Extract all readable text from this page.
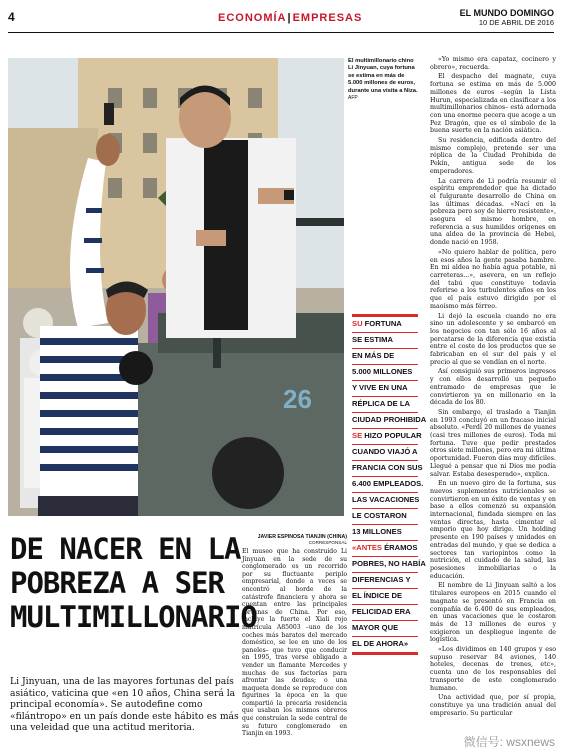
4	ECONOMÍA|EMPRESAS	EL MUNDO DOMINGO
10 DE ABRIL DE 2016
26
El multimillonario chino Li Jinyuan, cuya fortuna se estima en más de 5.000 millones de euros, durante una visita a Niza. AFP
SU FORTUNA
SE ESTIMA
EN MÁS DE
5.000 MILLONES
Y VIVE EN UNA
RÉPLICA DE LA
CIUDAD PROHIBIDA
SE HIZO POPULAR
CUANDO VIAJÓ A
FRANCIA CON SUS
6.400 EMPLEADOS.
LAS VACACIONES
LE COSTARON
13 MILLONES
«ANTES ÉRAMOS
POBRES, NO HABÍA
DIFERENCIAS Y
EL ÍNDICE DE
FELICIDAD ERA
MAYOR QUE
EL DE AHORA»
DE NACER EN LA POBREZA A SER MULTIMILLONARIO
JAVIER ESPINOSA TIANJIN (CHINA)
CORRESPONSAL
El museo que ha construido Li Jinyuan en la sede de su conglomerado es un recorrido por su fluctuante periplo empresarial, donde a veces se encontró al borde de la catástrofe financiera y ahora se cuentan entre las principales fortunas de China. Por eso, incluye la fuerte el Xiali rojo matrícula A85003 –uno de los coches más baratos del mercado doméstico, se lee en uno de los paneles– que tuvo que conducir en 1995, tras verse obligado a vender un flamante Mercedes y muchas de sus factorías para afrontar las deudas; o una maqueta donde se reproduce con figurines la época en la que compartió la precaria residencia que usaban los mismos obreros que construían la sede central de su futuro conglomerado en Tianjin en 1993.
Li Jinyuan, una de las mayores fortunas del país asiático, vaticina que «en 10 años, China será la principal economía». Se autodefine como «filántropo» en un país donde este hábito es más una veleidad que una actitud meritoria.

«Yo mismo era capataz, cocinero y obrero», recuerda.

El despacho del magnate, cuya fortuna se estima en más de 5.000 millones de euros –según la Lista Hurun, especializada en clasificar a los multimillonarios chinos– está adornada con una enorme pecera que acoge a un Pez Dragón, que es el símbolo de la buena suerte en la nación asiática.

Su residencia, edificada dentro del mismo complejo, pretende ser una réplica de la Ciudad Prohibida de Pekín, antigua sede de los emperadores.

La carrera de Li podría resumir el espíritu emprendedor que ha dictado el fulgurante desarrollo de China en las últimas décadas. «Nací en la pobreza pero soy de hierro resistente», asegura el mismo hombre, en referencia a sus humildes orígenes en una aldea de la provincia de Hebei, donde nació en 1958.

«No quiero hablar de política, pero en esos años la gente pasaba hambre. En mi aldea no había agua potable, ni carreteras...», asevera, en un reflejo del tabú que constituye todavía referirse a los turbulentos años en los que el país estuvo dirigido por el maoísmo más férreo.

Li dejó la escuela cuando no era sino un adolescente y se embarcó en los negocios con tan sólo 16 años al percatarse de la diferencia que existía entre el coste de los productos que se fabricaban en el sur del país y el precio al que se vendían en el norte.

Así consiguió sus primeros ingresos y con ellos desarrolló un pequeño entramado de empresas que le convirtieron ya en millonario en la década de los 80.

Sin embargo, el traslado a Tianjin en 1993 concluyó en un fracaso inicial absoluto. «Perdí 20 millones de yuanes (casi tres millones de euros). Toda mi fortuna. Tuve que pedir prestados otros siete millones, pero era mi última oportunidad. Fueron días muy difíciles. Llegué a pensar que ni Dios me podía salvar. Estaba desesperado», explica.

En un nuevo giro de la fortuna, sus nuevos suplementos nutricionales se convirtieron en un éxito de ventas y en base a ellos comenzó su expansión internacional, fundada siempre en las ventas directas, hasta cimentar el emporio que hoy dirige. Un holding presente en 190 países y unidades en entradas del mundo, y que se dedica a sectores tan variopintos como la nutrición, el cuidado de la salud, las posesiones inmobiliarias o la educación.

El nombre de Li Jinyuan saltó a los titulares europeos en 2015 cuando el magnate se presentó en Francia en compañía de 6.400 de sus empleados, en unas vacaciones que le costaron más de 13 millones de euros y exigieron un despliegue ingente de logística.

«Los dividimos en 140 grupos y eso supuso reservar 84 aviones, 140 hoteles, decenas de trenes, etc», cuenta uno de los responsables del transporte de este conglomerado humano.

Una actividad que, por sí propia, constituye ya una tradición anual del empresario. Su particular

微信号: wsxnews
